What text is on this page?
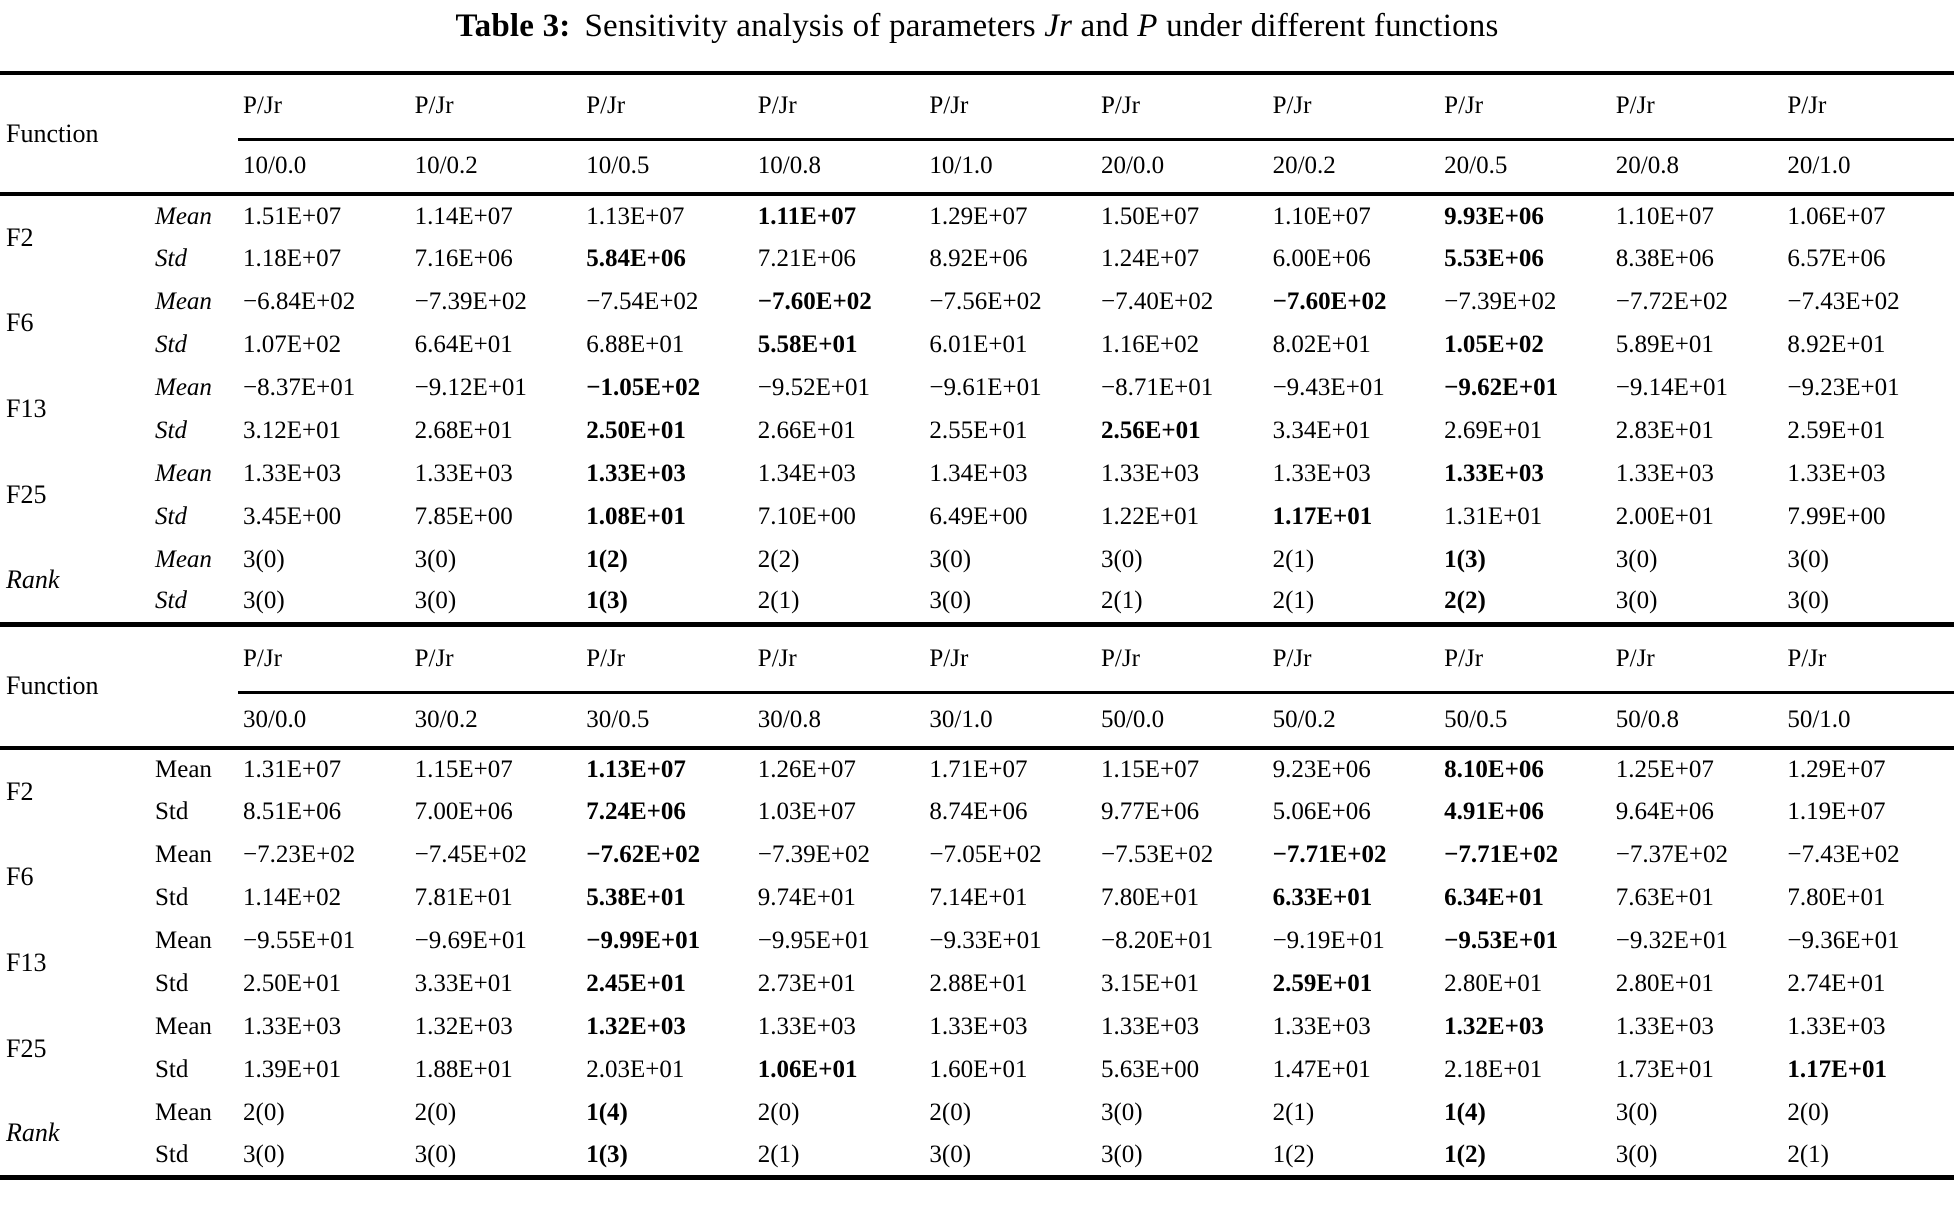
Table 3: Sensitivity analysis of parameters Jr and P under different functions
Function		P/Jr	P/Jr	P/Jr	P/Jr	P/Jr	P/Jr	P/Jr	P/Jr	P/Jr	P/Jr
		10/0.0	10/0.2	10/0.5	10/0.8	10/1.0	20/0.0	20/0.2	20/0.5	20/0.8	20/1.0
F2	Mean	1.51E+07	1.14E+07	1.13E+07	1.11E+07	1.29E+07	1.50E+07	1.10E+07	9.93E+06	1.10E+07	1.06E+07
	Std	1.18E+07	7.16E+06	5.84E+06	7.21E+06	8.92E+06	1.24E+07	6.00E+06	5.53E+06	8.38E+06	6.57E+06
F6	Mean	−6.84E+02	−7.39E+02	−7.54E+02	−7.60E+02	−7.56E+02	−7.40E+02	−7.60E+02	−7.39E+02	−7.72E+02	−7.43E+02
	Std	1.07E+02	6.64E+01	6.88E+01	5.58E+01	6.01E+01	1.16E+02	8.02E+01	1.05E+02	5.89E+01	8.92E+01
F13	Mean	−8.37E+01	−9.12E+01	−1.05E+02	−9.52E+01	−9.61E+01	−8.71E+01	−9.43E+01	−9.62E+01	−9.14E+01	−9.23E+01
	Std	3.12E+01	2.68E+01	2.50E+01	2.66E+01	2.55E+01	2.56E+01	3.34E+01	2.69E+01	2.83E+01	2.59E+01
F25	Mean	1.33E+03	1.33E+03	1.33E+03	1.34E+03	1.34E+03	1.33E+03	1.33E+03	1.33E+03	1.33E+03	1.33E+03
	Std	3.45E+00	7.85E+00	1.08E+01	7.10E+00	6.49E+00	1.22E+01	1.17E+01	1.31E+01	2.00E+01	7.99E+00
Rank	Mean	3(0)	3(0)	1(2)	2(2)	3(0)	3(0)	2(1)	1(3)	3(0)	3(0)
	Std	3(0)	3(0)	1(3)	2(1)	3(0)	2(1)	2(1)	2(2)	3(0)	3(0)
Function		P/Jr	P/Jr	P/Jr	P/Jr	P/Jr	P/Jr	P/Jr	P/Jr	P/Jr	P/Jr
		30/0.0	30/0.2	30/0.5	30/0.8	30/1.0	50/0.0	50/0.2	50/0.5	50/0.8	50/1.0
F2	Mean	1.31E+07	1.15E+07	1.13E+07	1.26E+07	1.71E+07	1.15E+07	9.23E+06	8.10E+06	1.25E+07	1.29E+07
	Std	8.51E+06	7.00E+06	7.24E+06	1.03E+07	8.74E+06	9.77E+06	5.06E+06	4.91E+06	9.64E+06	1.19E+07
F6	Mean	−7.23E+02	−7.45E+02	−7.62E+02	−7.39E+02	−7.05E+02	−7.53E+02	−7.71E+02	−7.71E+02	−7.37E+02	−7.43E+02
	Std	1.14E+02	7.81E+01	5.38E+01	9.74E+01	7.14E+01	7.80E+01	6.33E+01	6.34E+01	7.63E+01	7.80E+01
F13	Mean	−9.55E+01	−9.69E+01	−9.99E+01	−9.95E+01	−9.33E+01	−8.20E+01	−9.19E+01	−9.53E+01	−9.32E+01	−9.36E+01
	Std	2.50E+01	3.33E+01	2.45E+01	2.73E+01	2.88E+01	3.15E+01	2.59E+01	2.80E+01	2.80E+01	2.74E+01
F25	Mean	1.33E+03	1.32E+03	1.32E+03	1.33E+03	1.33E+03	1.33E+03	1.33E+03	1.32E+03	1.33E+03	1.33E+03
	Std	1.39E+01	1.88E+01	2.03E+01	1.06E+01	1.60E+01	5.63E+00	1.47E+01	2.18E+01	1.73E+01	1.17E+01
Rank	Mean	2(0)	2(0)	1(4)	2(0)	2(0)	3(0)	2(1)	1(4)	3(0)	2(0)
	Std	3(0)	3(0)	1(3)	2(1)	3(0)	3(0)	1(2)	1(2)	3(0)	2(1)
